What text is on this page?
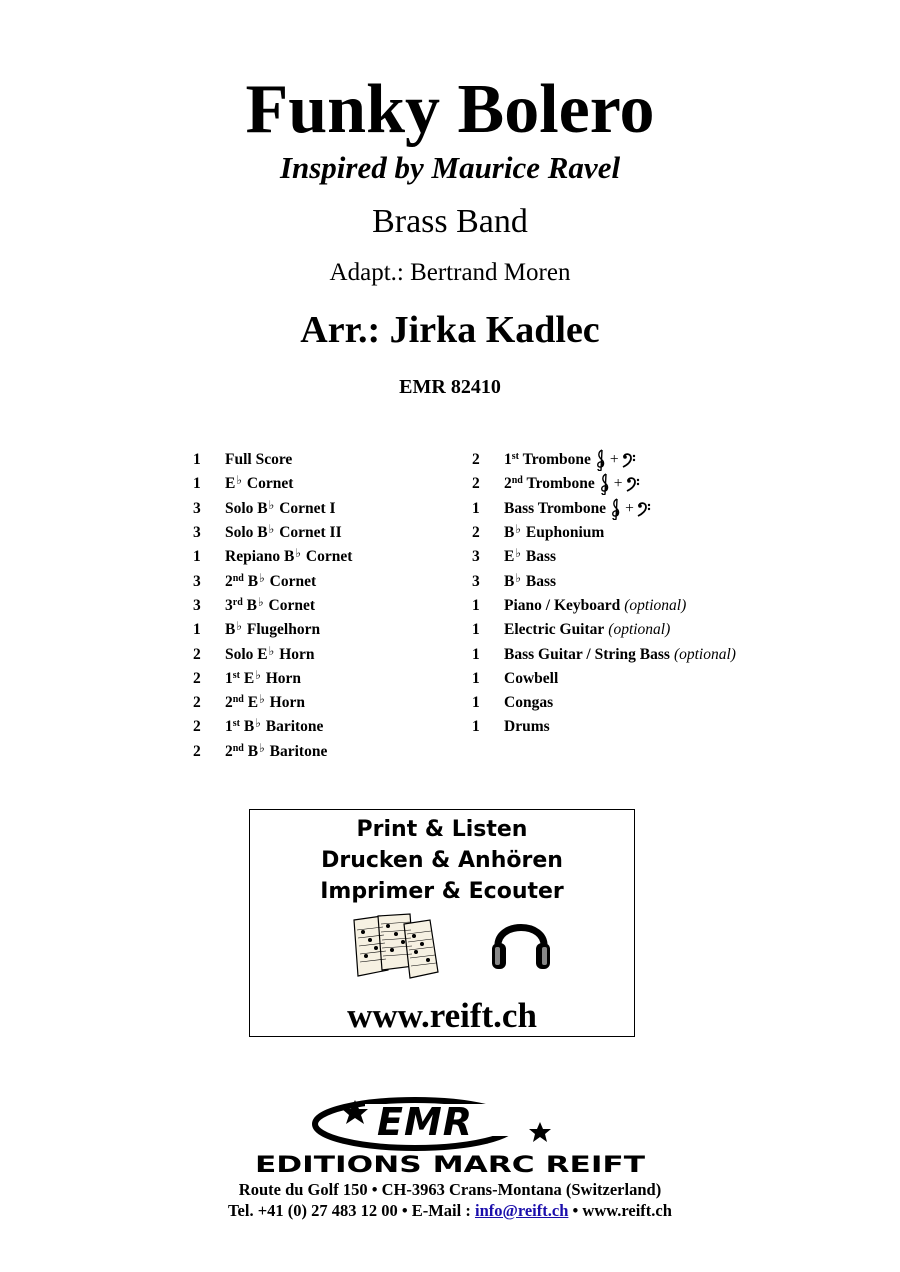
Funky Bolero
Inspired by Maurice Ravel
Brass Band
Adapt.: Bertrand Moren
Arr.: Jirka Kadlec
EMR 82410
1	Full Score
1	E♭ Cornet
3	Solo B♭ Cornet I
3	Solo B♭ Cornet II
1	Repiano B♭ Cornet
3	2nd B♭ Cornet
3	3rd B♭ Cornet
1	B♭ Flugelhorn
2	Solo E♭ Horn
2	1st E♭ Horn
2	2nd E♭ Horn
2	1st B♭ Baritone
2	2nd B♭ Baritone
2	1st Trombone +
2	2nd Trombone +
1	Bass Trombone +
2	B♭ Euphonium
3	E♭ Bass
3	B♭ Bass
1	Piano / Keyboard (optional)
1	Electric Guitar (optional)
1	Bass Guitar / String Bass (optional)
1	Cowbell
1	Congas
1	Drums
Print & Listen
Drucken & Anhören
Imprimer & Ecouter
www.reift.ch
EMR
EDITIONS MARC REIFT
Route du Golf 150 • CH-3963 Crans-Montana (Switzerland)
Tel. +41 (0) 27 483 12 00 • E-Mail : info@reift.ch • www.reift.ch
